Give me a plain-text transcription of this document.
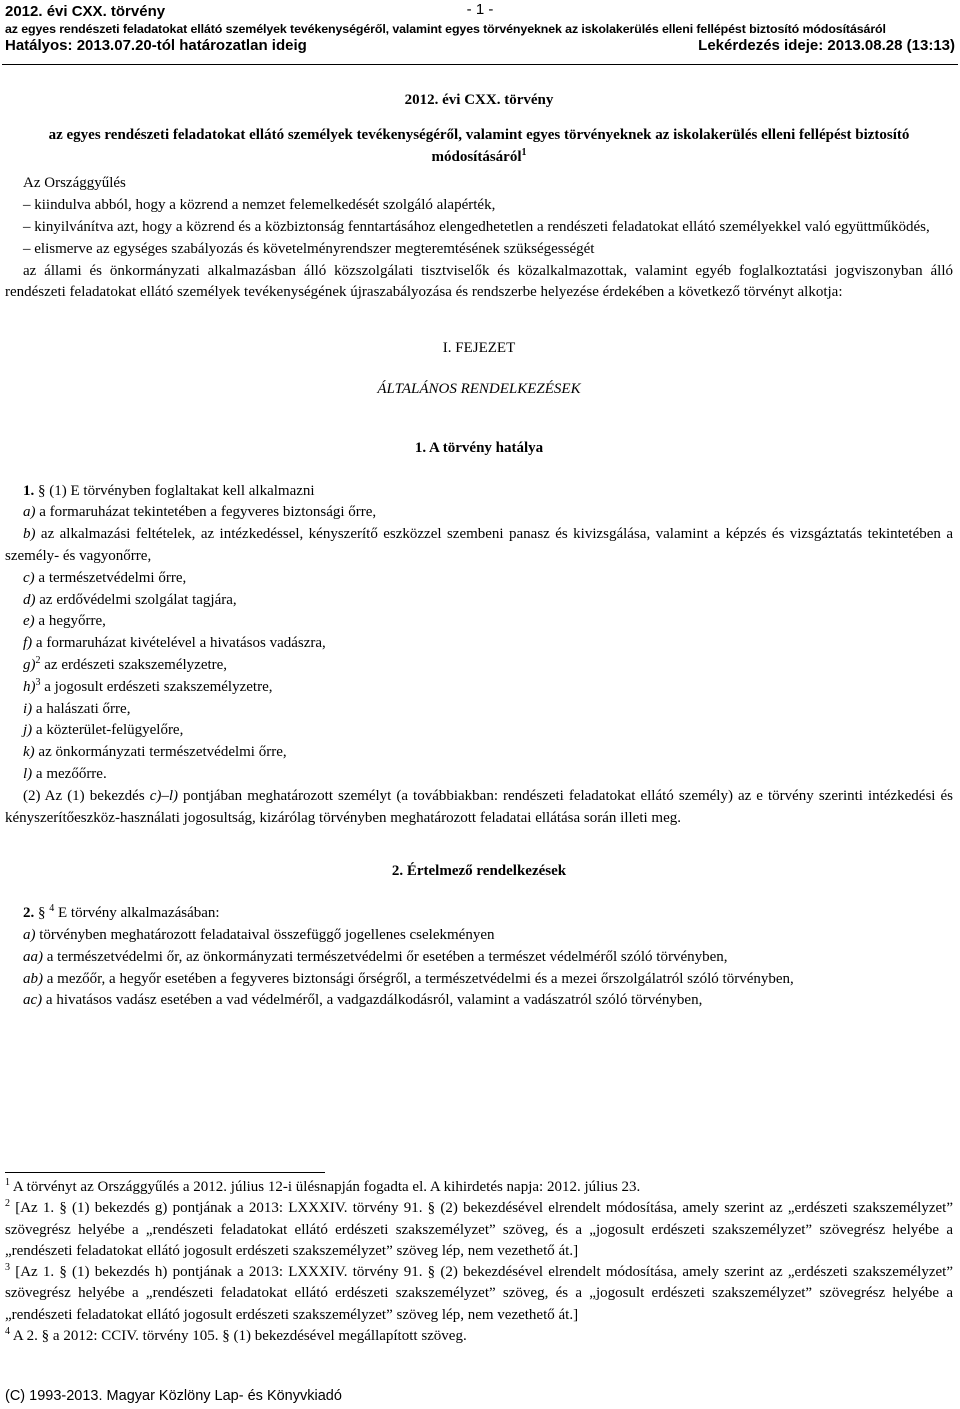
- 1 -
2012. évi CXX. törvény
az egyes rendészeti feladatokat ellátó személyek tevékenységéről, valamint egyes törvényeknek az iskolakerülés elleni fellépést biztosító módosításáról
Hatályos: 2013.07.20-tól határozatlan ideig	Lekérdezés ideje: 2013.08.28 (13:13)

2012. évi CXX. törvény

az egyes rendészeti feladatokat ellátó személyek tevékenységéről, valamint egyes törvényeknek az iskolakerülés elleni fellépést biztosító módosításáról$^1$

Az Országgyűlés

– kiindulva abból, hogy a közrend a nemzet felemelkedését szolgáló alapérték,

– kinyilvánítva azt, hogy a közrend és a közbiztonság fenntartásához elengedhetetlen a rendészeti feladatokat ellátó személyekkel való együttműködés,

– elismerve az egységes szabályozás és követelményrendszer megteremtésének szükségességét

az állami és önkormányzati alkalmazásban álló közszolgálati tisztviselők és közalkalmazottak, valamint egyéb foglalkoztatási jogviszonyban álló rendészeti feladatokat ellátó személyek tevékenységének újraszabályozása és rendszerbe helyezése érdekében a következő törvényt alkotja:

I. FEJEZET

ÁLTALÁNOS RENDELKEZÉSEK

1. A törvény hatálya

1. § (1) E törvényben foglaltakat kell alkalmazni

a) a formaruházat tekintetében a fegyveres biztonsági őrre,

b) az alkalmazási feltételek, az intézkedéssel, kényszerítő eszközzel szembeni panasz és kivizsgálása, valamint a képzés és vizsgáztatás tekintetében a személy- és vagyonőrre,

c) a természetvédelmi őrre,

d) az erdővédelmi szolgálat tagjára,

e) a hegyőrre,

f) a formaruházat kivételével a hivatásos vadászra,

g)$^2$ az erdészeti szakszemélyzetre,

h)$^3$ a jogosult erdészeti szakszemélyzetre,

i) a halászati őrre,

j) a közterület-felügyelőre,

k) az önkormányzati természetvédelmi őrre,

l) a mezőőrre.

(2) Az (1) bekezdés c)–l) pontjában meghatározott személyt (a továbbiakban: rendészeti feladatokat ellátó személy) az e törvény szerinti intézkedési és kényszerítőeszköz-használati jogosultság, kizárólag törvényben meghatározott feladatai ellátása során illeti meg.

2. Értelmező rendelkezések

2. § $^4$ E törvény alkalmazásában:

a) törvényben meghatározott feladataival összefüggő jogellenes cselekményen

aa) a természetvédelmi őr, az önkormányzati természetvédelmi őr esetében a természet védelméről szóló törvényben,

ab) a mezőőr, a hegyőr esetében a fegyveres biztonsági őrségről, a természetvédelmi és a mezei őrszolgálatról szóló törvényben,

ac) a hivatásos vadász esetében a vad védelméről, a vadgazdálkodásról, valamint a vadászatról szóló törvényben,

$^1$ A törvényt az Országgyűlés a 2012. július 12-i ülésnapján fogadta el. A kihirdetés napja: 2012. július 23.

$^2$ [Az 1. § (1) bekezdés g) pontjának a 2013: LXXXIV. törvény 91. § (2) bekezdésével elrendelt módosítása, amely szerint az „erdészeti szakszemélyzet” szövegrész helyébe a „rendészeti feladatokat ellátó erdészeti szakszemélyzet” szöveg, és a „jogosult erdészeti szakszemélyzet” szövegrész helyébe a „rendészeti feladatokat ellátó jogosult erdészeti szakszemélyzet” szöveg lép, nem vezethető át.]

$^3$ [Az 1. § (1) bekezdés h) pontjának a 2013: LXXXIV. törvény 91. § (2) bekezdésével elrendelt módosítása, amely szerint az „erdészeti szakszemélyzet” szövegrész helyébe a „rendészeti feladatokat ellátó erdészeti szakszemélyzet” szöveg, és a „jogosult erdészeti szakszemélyzet” szövegrész helyébe a „rendészeti feladatokat ellátó jogosult erdészeti szakszemélyzet” szöveg lép, nem vezethető át.]

$^4$ A 2. § a 2012: CCIV. törvény 105. § (1) bekezdésével megállapított szöveg.

(C) 1993-2013. Magyar Közlöny Lap- és Könyvkiadó
